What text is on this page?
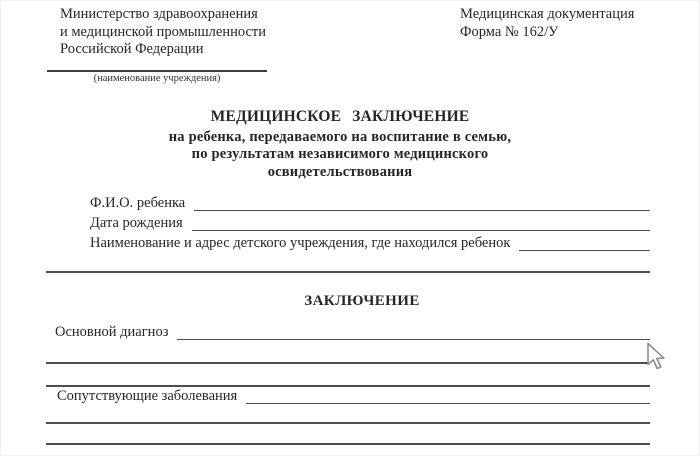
Министерство здравоохранения
и медицинской промышленности
Российской Федерации
Медицинская документация
Форма № 162/У
(наименование учреждения)
МЕДИЦИНСКОЕ ЗАКЛЮЧЕНИЕ
на ребенка, передаваемого на воспитание в семью,
по результатам независимого медицинского
освидетельствования
Ф.И.О. ребенка
Дата рождения
Наименование и адрес детского учреждения, где находился ребенок
ЗАКЛЮЧЕНИЕ
Основной диагноз
Сопутствующие заболевания
